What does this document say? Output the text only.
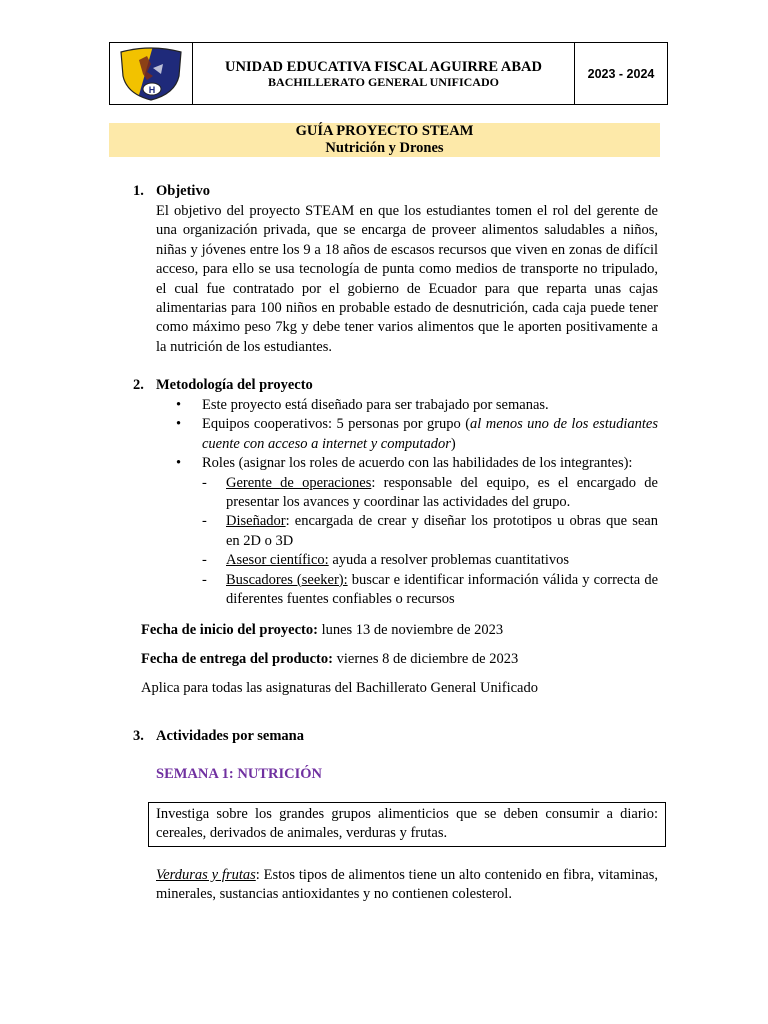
H
UNIDAD EDUCATIVA FISCAL AGUIRRE ABAD
BACHILLERATO GENERAL UNIFICADO
2023 - 2024
GUÍA PROYECTO STEAM
Nutrición y Drones
1. Objetivo
El objetivo del proyecto STEAM en que los estudiantes tomen el rol del gerente de una organización privada, que se encarga de proveer alimentos saludables a niños, niñas y jóvenes entre los 9 a 18 años de escasos recursos que viven en zonas de difícil acceso, para ello se usa tecnología de punta como medios de transporte no tripulado, el cual fue contratado por el gobierno de Ecuador para que reparta unas cajas alimentarias para 100 niños en probable estado de desnutrición, cada caja puede tener como máximo peso 7kg y debe tener varios alimentos que le aporten positivamente a la nutrición de los estudiantes.
2. Metodología del proyecto
• Este proyecto está diseñado para ser trabajado por semanas.
• Equipos cooperativos: 5 personas por grupo (al menos uno de los estudiantes cuente con acceso a internet y computador)
• Roles (asignar los roles de acuerdo con las habilidades de los integrantes):
- Gerente de operaciones: responsable del equipo, es el encargado de presentar los avances y coordinar las actividades del grupo.
- Diseñador: encargada de crear y diseñar los prototipos u obras que sean en 2D o 3D
- Asesor científico: ayuda a resolver problemas cuantitativos
- Buscadores (seeker): buscar e identificar información válida y correcta de diferentes fuentes confiables o recursos
Fecha de inicio del proyecto: lunes 13 de noviembre de 2023
Fecha de entrega del producto: viernes 8 de diciembre de 2023
Aplica para todas las asignaturas del Bachillerato General Unificado
3. Actividades por semana
SEMANA 1: NUTRICIÓN
Investiga sobre los grandes grupos alimenticios que se deben consumir a diario: cereales, derivados de animales, verduras y frutas.
Verduras y frutas: Estos tipos de alimentos tiene un alto contenido en fibra, vitaminas, minerales, sustancias antioxidantes y no contienen colesterol.
